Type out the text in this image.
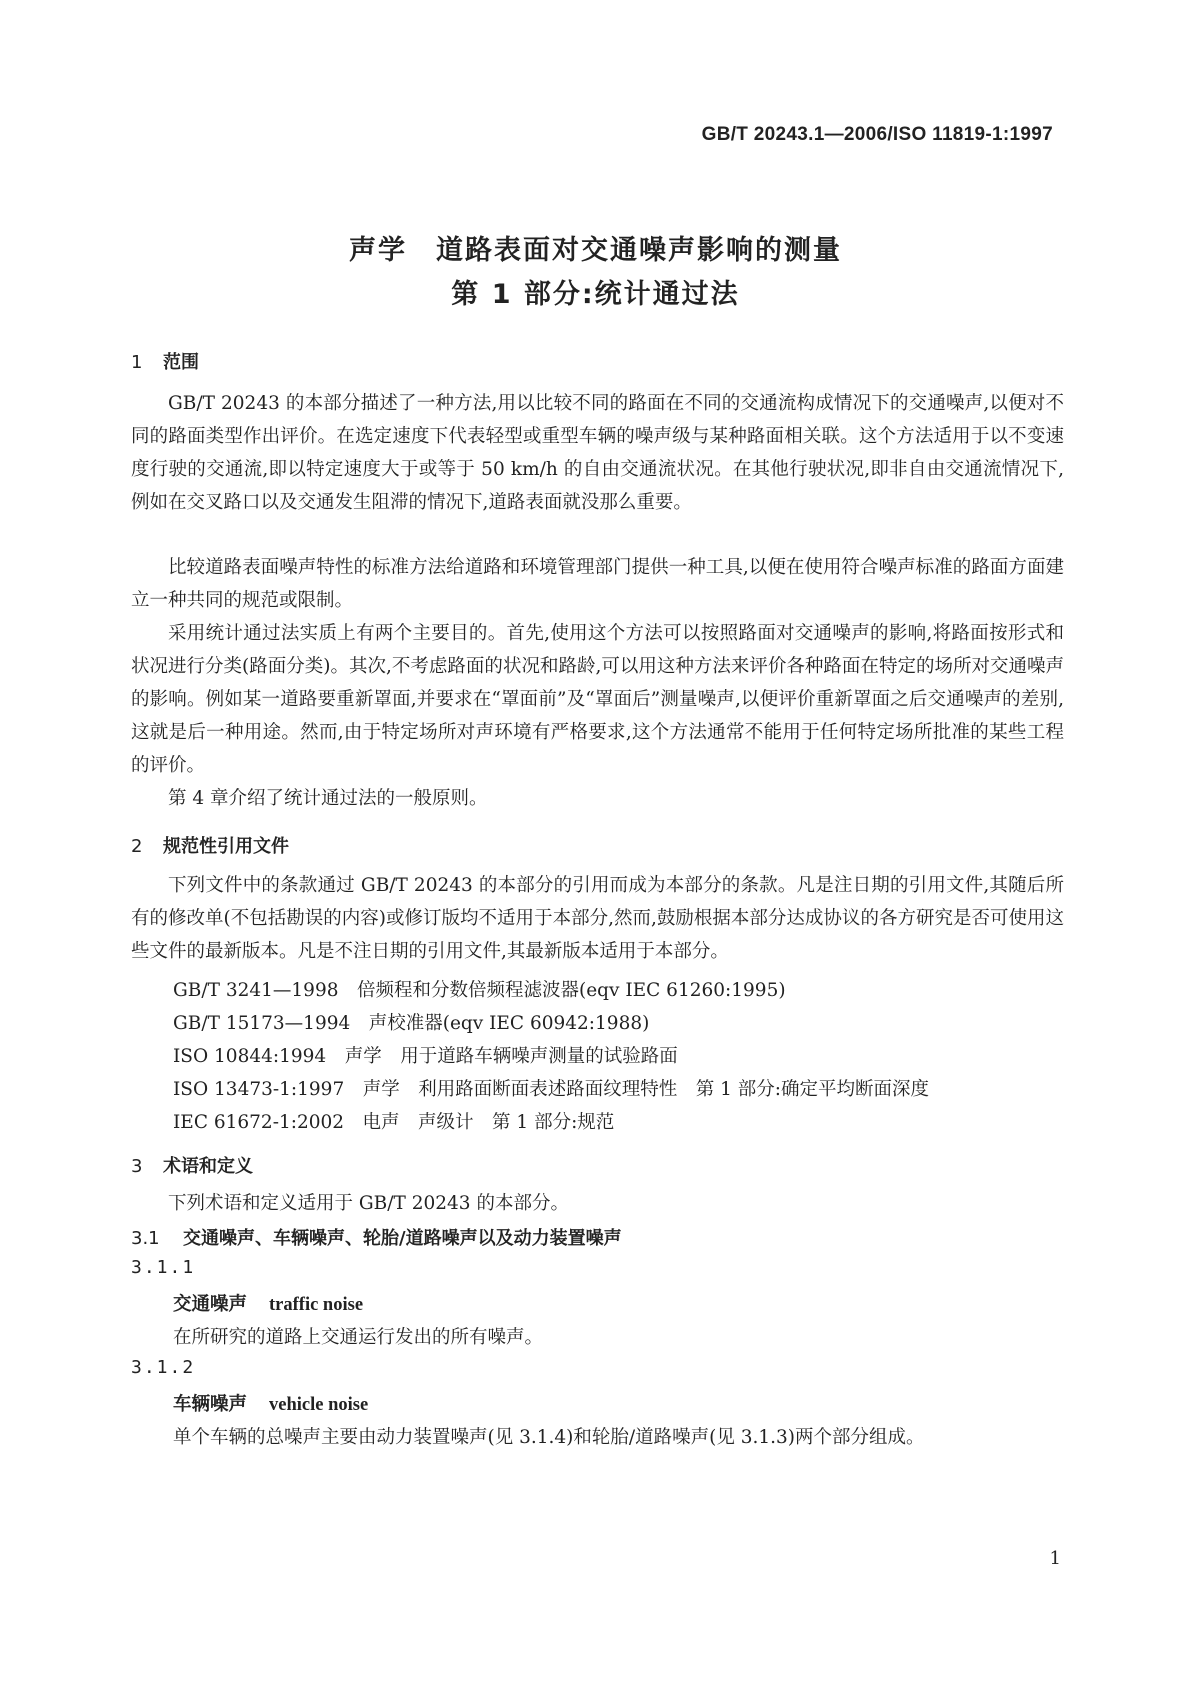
GB/T 20243.1—2006/ISO 11819-1:1997
声学　道路表面对交通噪声影响的测量
第 1 部分:统计通过法
1 范围

GB/T 20243 的本部分描述了一种方法,用以比较不同的路面在不同的交通流构成情况下的交通噪声,以便对不同的路面类型作出评价。在选定速度下代表轻型或重型车辆的噪声级与某种路面相关联。这个方法适用于以不变速度行驶的交通流,即以特定速度大于或等于 50 km/h 的自由交通流状况。在其他行驶状况,即非自由交通流情况下,例如在交叉路口以及交通发生阻滞的情况下,道路表面就没那么重要。

比较道路表面噪声特性的标准方法给道路和环境管理部门提供一种工具,以便在使用符合噪声标准的路面方面建立一种共同的规范或限制。

采用统计通过法实质上有两个主要目的。首先,使用这个方法可以按照路面对交通噪声的影响,将路面按形式和状况进行分类(路面分类)。其次,不考虑路面的状况和路龄,可以用这种方法来评价各种路面在特定的场所对交通噪声的影响。例如某一道路要重新罩面,并要求在“罩面前”及“罩面后”测量噪声,以便评价重新罩面之后交通噪声的差别,这就是后一种用途。然而,由于特定场所对声环境有严格要求,这个方法通常不能用于任何特定场所批准的某些工程的评价。

第 4 章介绍了统计通过法的一般原则。

2 规范性引用文件

下列文件中的条款通过 GB/T 20243 的本部分的引用而成为本部分的条款。凡是注日期的引用文件,其随后所有的修改单(不包括勘误的内容)或修订版均不适用于本部分,然而,鼓励根据本部分达成协议的各方研究是否可使用这些文件的最新版本。凡是不注日期的引用文件,其最新版本适用于本部分。

GB/T 3241—1998　倍频程和分数倍频程滤波器(eqv IEC 61260:1995)
GB/T 15173—1994　声校准器(eqv IEC 60942:1988)
ISO 10844:1994　声学　用于道路车辆噪声测量的试验路面
ISO 13473-1:1997　声学　利用路面断面表述路面纹理特性　第 1 部分:确定平均断面深度
IEC 61672-1:2002　电声　声级计　第 1 部分:规范
3 术语和定义

下列术语和定义适用于 GB/T 20243 的本部分。

3.1 交通噪声、车辆噪声、轮胎/道路噪声以及动力装置噪声
3.1.1
交通噪声 traffic noise
在所研究的道路上交通运行发出的所有噪声。
3.1.2
车辆噪声 vehicle noise
单个车辆的总噪声主要由动力装置噪声(见 3.1.4)和轮胎/道路噪声(见 3.1.3)两个部分组成。
1
